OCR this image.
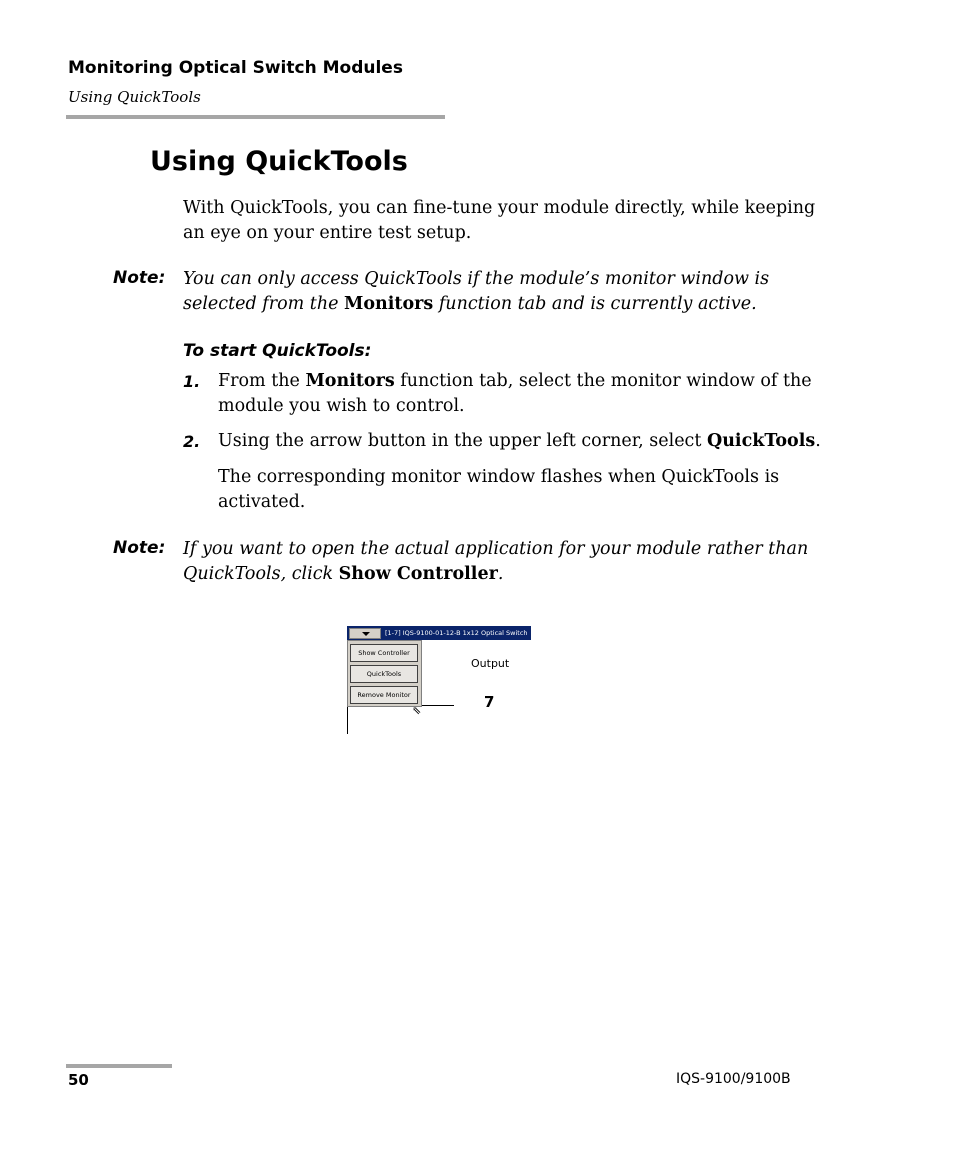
Monitoring Optical Switch Modules
Using QuickTools
Using QuickTools
With QuickTools, you can fine-tune your module directly, while keeping an eye on your entire test setup.
Note: You can only access QuickTools if the module’s monitor window is selected from the Monitors function tab and is currently active.
To start QuickTools:
1. From the Monitors function tab, select the monitor window of the module you wish to control.
2. Using the arrow button in the upper left corner, select QuickTools.
The corresponding monitor window flashes when QuickTools is activated.
Note: If you want to open the actual application for your module rather than QuickTools, click Show Controller.
[1-7] IQS-9100-01-12-B 1x12 Optical Switch
Show Controller
QuickTools
Remove Monitor
⇖
Output
7
50	IQS-9100/9100B
